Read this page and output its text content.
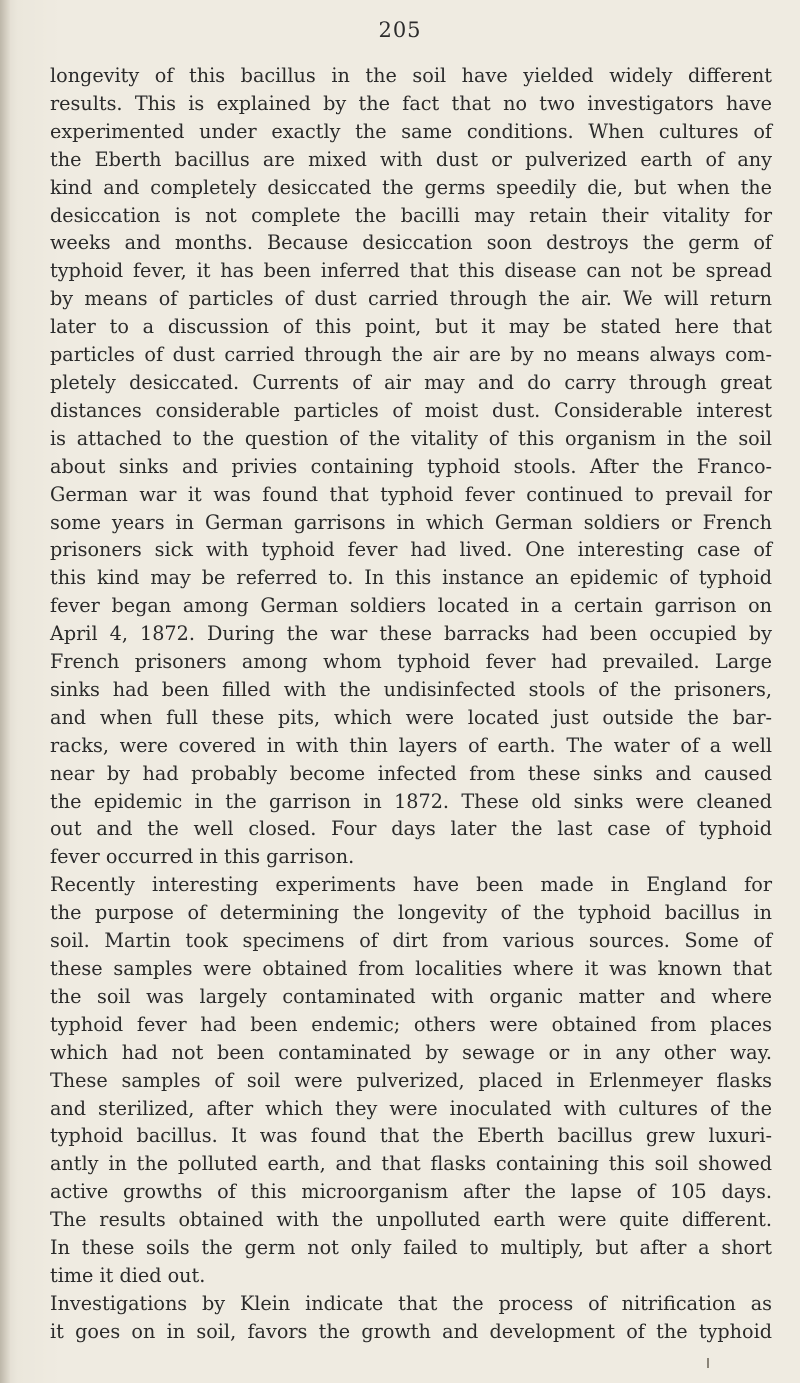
205

longevity of this bacillus in the soil have yielded widely different
results. This is explained by the fact that no two investigators have
experimented under exactly the same conditions. When cultures of
the Eberth bacillus are mixed with dust or pulverized earth of any
kind and completely desiccated the germs speedily die, but when the
desiccation is not complete the bacilli may retain their vitality for
weeks and months. Because desiccation soon destroys the germ of
typhoid fever, it has been inferred that this disease can not be spread
by means of particles of dust carried through the air. We will return
later to a discussion of this point, but it may be stated here that
particles of dust carried through the air are by no means always com-
pletely desiccated. Currents of air may and do carry through great
distances considerable particles of moist dust. Considerable interest
is attached to the question of the vitality of this organism in the soil
about sinks and privies containing typhoid stools. After the Franco-
German war it was found that typhoid fever continued to prevail for
some years in German garrisons in which German soldiers or French
prisoners sick with typhoid fever had lived. One interesting case of
this kind may be referred to. In this instance an epidemic of typhoid
fever began among German soldiers located in a certain garrison on
April 4, 1872. During the war these barracks had been occupied by
French prisoners among whom typhoid fever had prevailed. Large
sinks had been filled with the undisinfected stools of the prisoners,
and when full these pits, which were located just outside the bar-
racks, were covered in with thin layers of earth. The water of a well
near by had probably become infected from these sinks and caused
the epidemic in the garrison in 1872. These old sinks were cleaned
out and the well closed. Four days later the last case of typhoid
fever occurred in this garrison.

Recently interesting experiments have been made in England for
the purpose of determining the longevity of the typhoid bacillus in
soil. Martin took specimens of dirt from various sources. Some of
these samples were obtained from localities where it was known that
the soil was largely contaminated with organic matter and where
typhoid fever had been endemic; others were obtained from places
which had not been contaminated by sewage or in any other way.
These samples of soil were pulverized, placed in Erlenmeyer flasks
and sterilized, after which they were inoculated with cultures of the
typhoid bacillus. It was found that the Eberth bacillus grew luxuri-
antly in the polluted earth, and that flasks containing this soil showed
active growths of this microorganism after the lapse of 105 days.
The results obtained with the unpolluted earth were quite different.
In these soils the germ not only failed to multiply, but after a short
time it died out.

Investigations by Klein indicate that the process of nitrification as
it goes on in soil, favors the growth and development of the typhoid
